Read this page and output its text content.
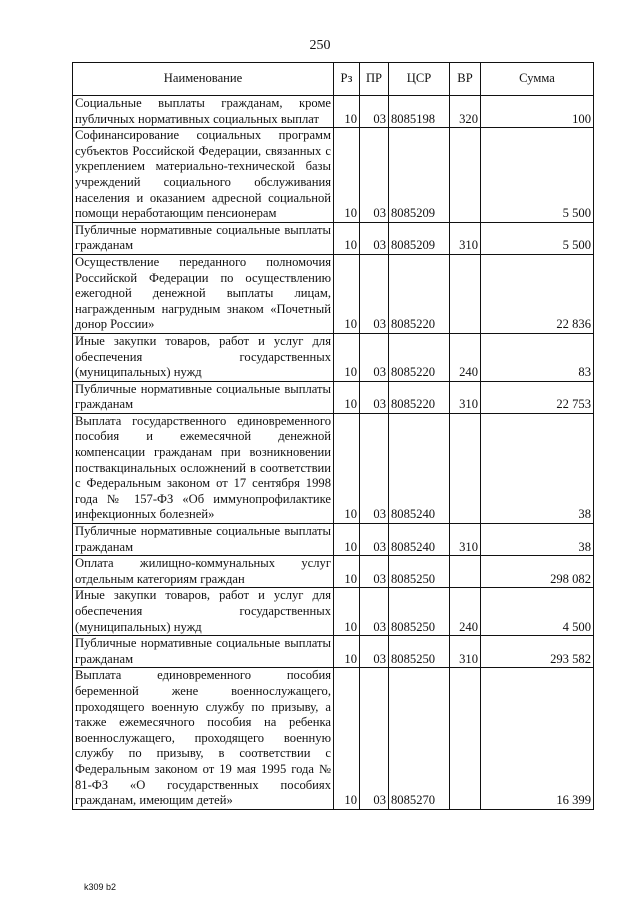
250
Наименование	Рз	ПР	ЦСР	ВР	Сумма
Социальные выплаты гражданам, кроме публичных нормативных социальных выплат	10	03	8085198	320	100
Софинансирование социальных программ субъектов Российской Федерации, связанных с укреплением материально-технической базы учреждений социального обслуживания населения и оказанием адресной социальной помощи неработающим пенсионерам	10	03	8085209		5 500
Публичные нормативные социальные выплаты гражданам	10	03	8085209	310	5 500
Осуществление переданного полномочия Российской Федерации по осуществлению ежегодной денежной выплаты лицам, награжденным нагрудным знаком «Почетный донор России»	10	03	8085220		22 836
Иные закупки товаров, работ и услуг для обеспечения государственных (муниципальных) нужд	10	03	8085220	240	83
Публичные нормативные социальные выплаты гражданам	10	03	8085220	310	22 753
Выплата государственного единовременного пособия и ежемесячной денежной компенсации гражданам при возникновении поствакцинальных осложнений в соответствии с Федеральным законом от 17 сентября 1998 года № 157-ФЗ «Об иммунопрофилактике инфекционных болезней»	10	03	8085240		38
Публичные нормативные социальные выплаты гражданам	10	03	8085240	310	38
Оплата жилищно-коммунальных услуг отдельным категориям граждан	10	03	8085250		298 082
Иные закупки товаров, работ и услуг для обеспечения государственных (муниципальных) нужд	10	03	8085250	240	4 500
Публичные нормативные социальные выплаты гражданам	10	03	8085250	310	293 582
Выплата единовременного пособия беременной жене военнослужащего, проходящего военную службу по призыву, а также ежемесячного пособия на ребенка военнослужащего, проходящего военную службу по призыву, в соответствии с Федеральным законом от 19 мая 1995 года № 81-ФЗ «О государственных пособиях гражданам, имеющим детей»	10	03	8085270		16 399
k309 b2
